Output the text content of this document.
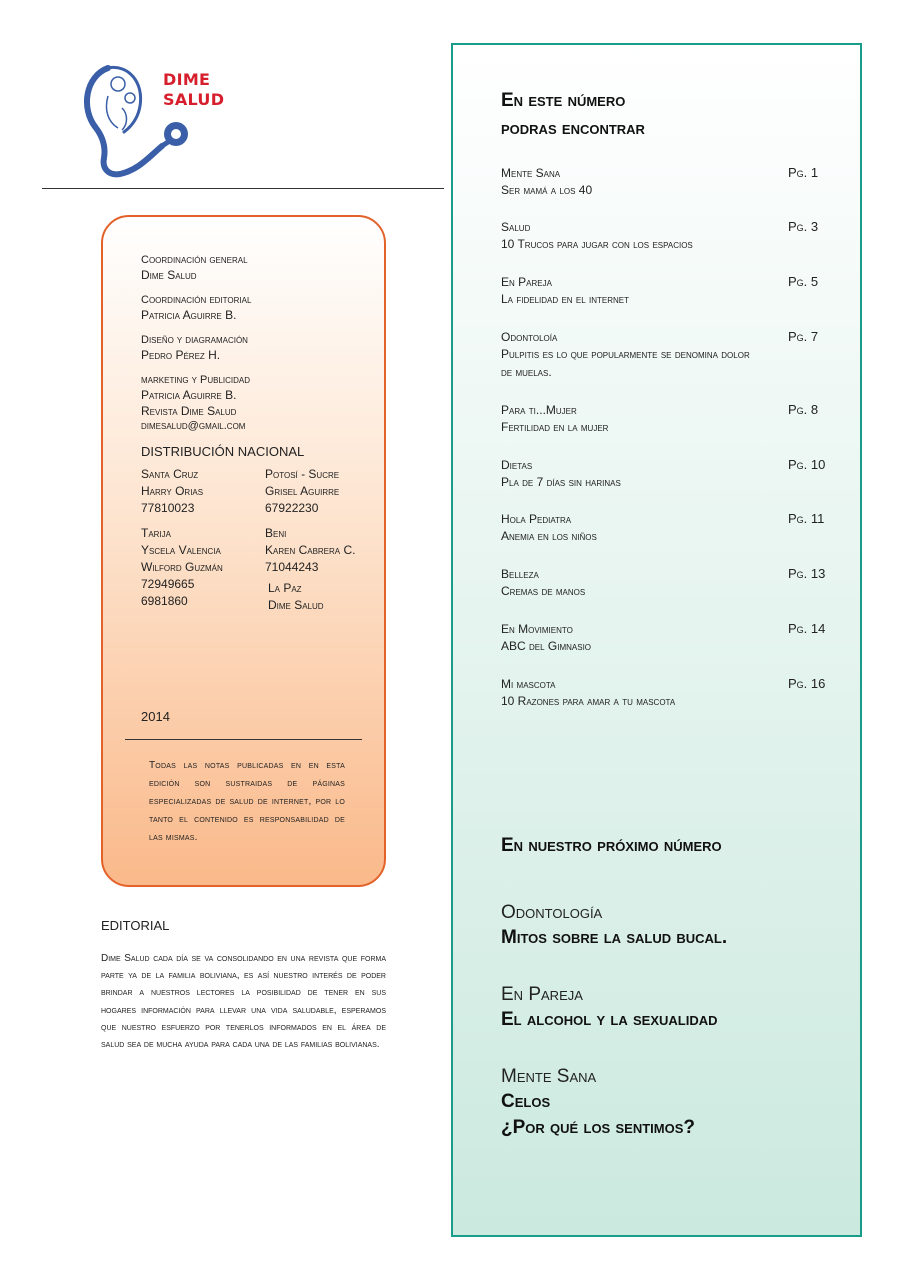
DIME
SALUD
Coordinación general
Dime Salud
Coordinación editorial
Patricia Aguirre B.
Diseño y diagramación
Pedro Pérez H.
marketing y Publicidad
Patricia Aguirre B.
Revista Dime Salud
dimesalud@gmail.com
DISTRIBUCIÓN NACIONAL
Santa Cruz
Harry Orias
77810023
Tarija
Yscela Valencia
Wilford Guzmán
72949665
6981860
Potosí - Sucre
Grisel Aguirre
67922230
Beni
Karen Cabrera C.
71044243
La Paz
Dime Salud
2014
Todas las notas publicadas en en esta edición son sustraidas de páginas especializadas de salud de internet, por lo tanto el contenido es responsabilidad de las mismas.
EDITORIAL
Dime Salud cada día se va consolidando en una revista que forma parte ya de la familia boliviana, es así nuestro interés de poder brindar a nuestros lectores la posibilidad de tener en sus hogares información para llevar una vida saludable, esperamos que nuestro esfuerzo por tenerlos informados en el área de salud sea de mucha ayuda para cada una de las familias bolivianas.
En este número
podras encontrar
Mente Sana
Ser mamá a los 40
Pg. 1
Salud
10 Trucos para jugar con los espacios
Pg. 3
En Pareja
La fidelidad en el internet
Pg. 5
Odontoloía
Pulpitis es lo que popularmente se denomina dolor de muelas.
Pg. 7
Para ti...Mujer
Fertilidad en la mujer
Pg. 8
Dietas
Pla de 7 días sin harinas
Pg. 10
Hola Pediatra
Anemia en los niños
Pg. 11
Belleza
Cremas de manos
Pg. 13
En Movimiento
ABC del Gimnasio
Pg. 14
Mi mascota
10 Razones para amar a tu mascota
Pg. 16
En nuestro próximo número
Odontología
Mitos sobre la salud bucal.
En Pareja
El alcohol y la sexualidad
Mente Sana
Celos
¿Por qué los sentimos?
